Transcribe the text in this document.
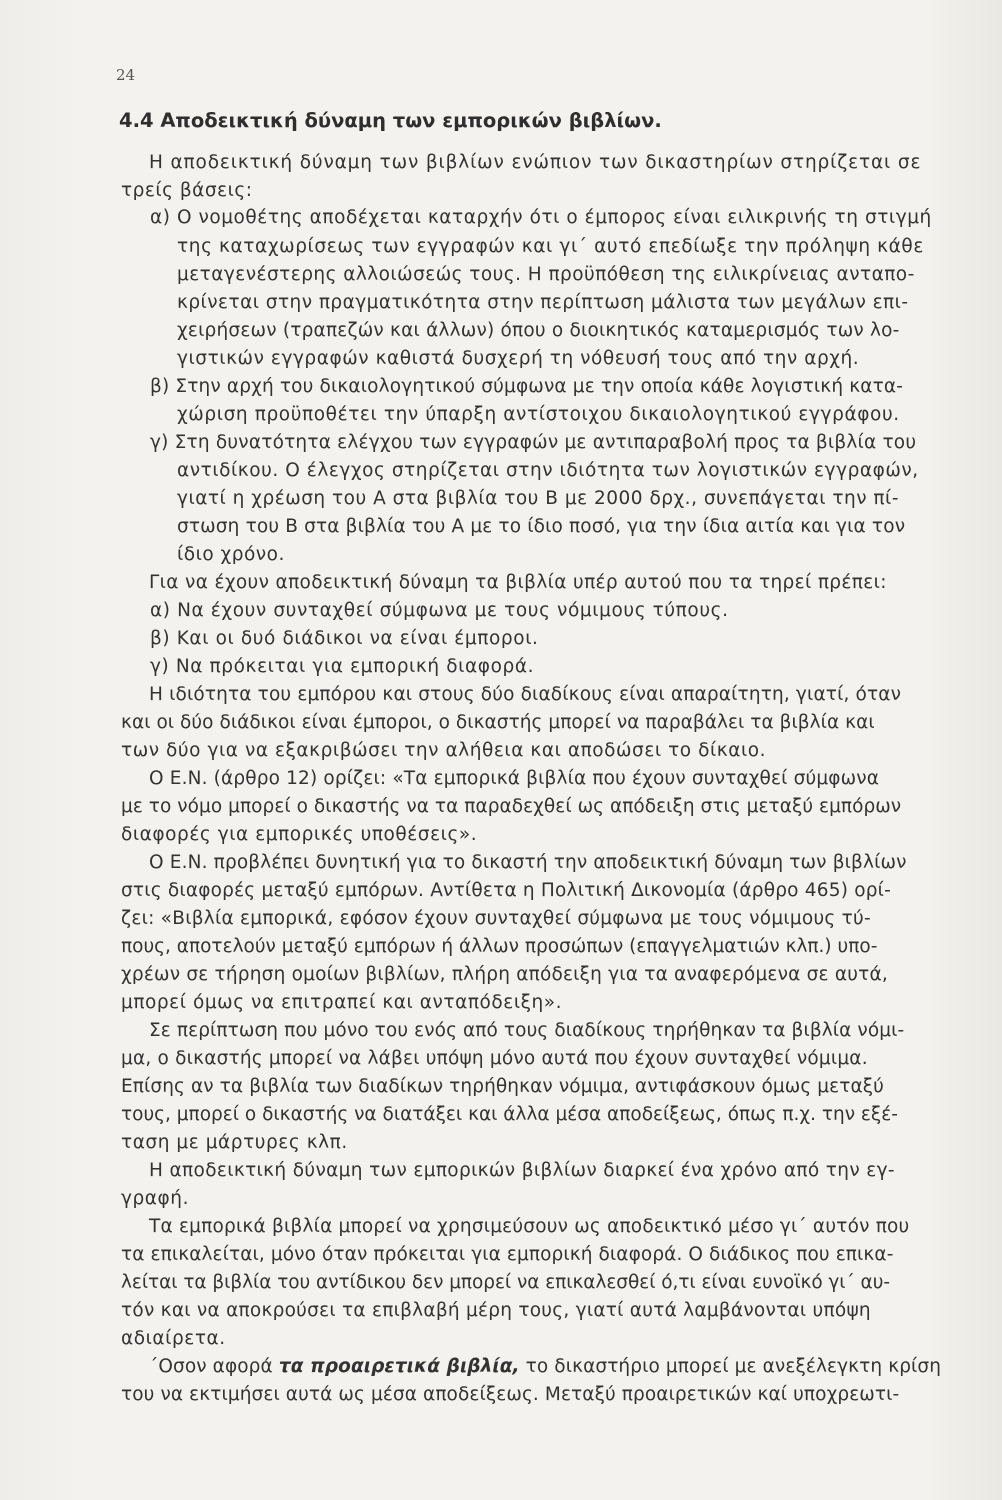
24
4.4 Αποδεικτική δύναμη των εμπορικών βιβλίων.
Η αποδεικτική δύναμη των βιβλίων ενώπιον των δικαστηρίων στηρίζεται σε
τρείς βάσεις:
α) Ο νομοθέτης αποδέχεται καταρχήν ότι ο έμπορος είναι ειλικρινής τη στιγμή
της καταχωρίσεως των εγγραφών και γι΄ αυτό επεδίωξε την πρόληψη κάθε
μεταγενέστερης αλλοιώσεώς τους. Η προϋπόθεση της ειλικρίνειας ανταπο-
κρίνεται στην πραγματικότητα στην περίπτωση μάλιστα των μεγάλων επι-
χειρήσεων (τραπεζών και άλλων) όπου ο διοικητικός καταμερισμός των λο-
γιστικών εγγραφών καθιστά δυσχερή τη νόθευσή τους από την αρχή.
β) Στην αρχή του δικαιολογητικού σύμφωνα με την οποία κάθε λογιστική κατα-
χώριση προϋποθέτει την ύπαρξη αντίστοιχου δικαιολογητικού εγγράφου.
γ) Στη δυνατότητα ελέγχου των εγγραφών με αντιπαραβολή προς τα βιβλία του
αντιδίκου. Ο έλεγχος στηρίζεται στην ιδιότητα των λογιστικών εγγραφών,
γιατί η χρέωση του Α στα βιβλία του Β με 2000 δρχ., συνεπάγεται την πί-
στωση του Β στα βιβλία του Α με το ίδιο ποσό, για την ίδια αιτία και για τον
ίδιο χρόνο.
Για να έχουν αποδεικτική δύναμη τα βιβλία υπέρ αυτού που τα τηρεί πρέπει:
α) Να έχουν συνταχθεί σύμφωνα με τους νόμιμους τύπους.
β) Και οι δυό διάδικοι να είναι έμποροι.
γ) Να πρόκειται για εμπορική διαφορά.
Η ιδιότητα του εμπόρου και στους δύο διαδίκους είναι απαραίτητη, γιατί, όταν
και οι δύο διάδικοι είναι έμποροι, ο δικαστής μπορεί να παραβάλει τα βιβλία και
των δύο για να εξακριβώσει την αλήθεια και αποδώσει το δίκαιο.
Ο Ε.Ν. (άρθρο 12) ορίζει: «Τα εμπορικά βιβλία που έχουν συνταχθεί σύμφωνα
με το νόμο μπορεί ο δικαστής να τα παραδεχθεί ως απόδειξη στις μεταξύ εμπόρων
διαφορές για εμπορικές υποθέσεις».
Ο Ε.Ν. προβλέπει δυνητική για το δικαστή την αποδεικτική δύναμη των βιβλίων
στις διαφορές μεταξύ εμπόρων. Αντίθετα η Πολιτική Δικονομία (άρθρο 465) ορί-
ζει: «Βιβλία εμπορικά, εφόσον έχουν συνταχθεί σύμφωνα με τους νόμιμους τύ-
πους, αποτελούν μεταξύ εμπόρων ή άλλων προσώπων (επαγγελματιών κλπ.) υπο-
χρέων σε τήρηση ομοίων βιβλίων, πλήρη απόδειξη για τα αναφερόμενα σε αυτά,
μπορεί όμως να επιτραπεί και ανταπόδειξη».
Σε περίπτωση που μόνο του ενός από τους διαδίκους τηρήθηκαν τα βιβλία νόμι-
μα, ο δικαστής μπορεί να λάβει υπόψη μόνο αυτά που έχουν συνταχθεί νόμιμα.
Επίσης αν τα βιβλία των διαδίκων τηρήθηκαν νόμιμα, αντιφάσκουν όμως μεταξύ
τους, μπορεί ο δικαστής να διατάξει και άλλα μέσα αποδείξεως, όπως π.χ. την εξέ-
ταση με μάρτυρες κλπ.
Η αποδεικτική δύναμη των εμπορικών βιβλίων διαρκεί ένα χρόνο από την εγ-
γραφή.
Τα εμπορικά βιβλία μπορεί να χρησιμεύσουν ως αποδεικτικό μέσο γι΄ αυτόν που
τα επικαλείται, μόνο όταν πρόκειται για εμπορική διαφορά. Ο διάδικος που επικα-
λείται τα βιβλία του αντίδικου δεν μπορεί να επικαλεσθεί ό,τι είναι ευνοϊκό γι΄ αυ-
τόν και να αποκρούσει τα επιβλαβή μέρη τους, γιατί αυτά λαμβάνονται υπόψη
αδιαίρετα.
΄Οσον αφορά τα προαιρετικά βιβλία, το δικαστήριο μπορεί με ανεξέλεγκτη κρίση
του να εκτιμήσει αυτά ως μέσα αποδείξεως. Μεταξύ προαιρετικών καί υποχρεωτι-
